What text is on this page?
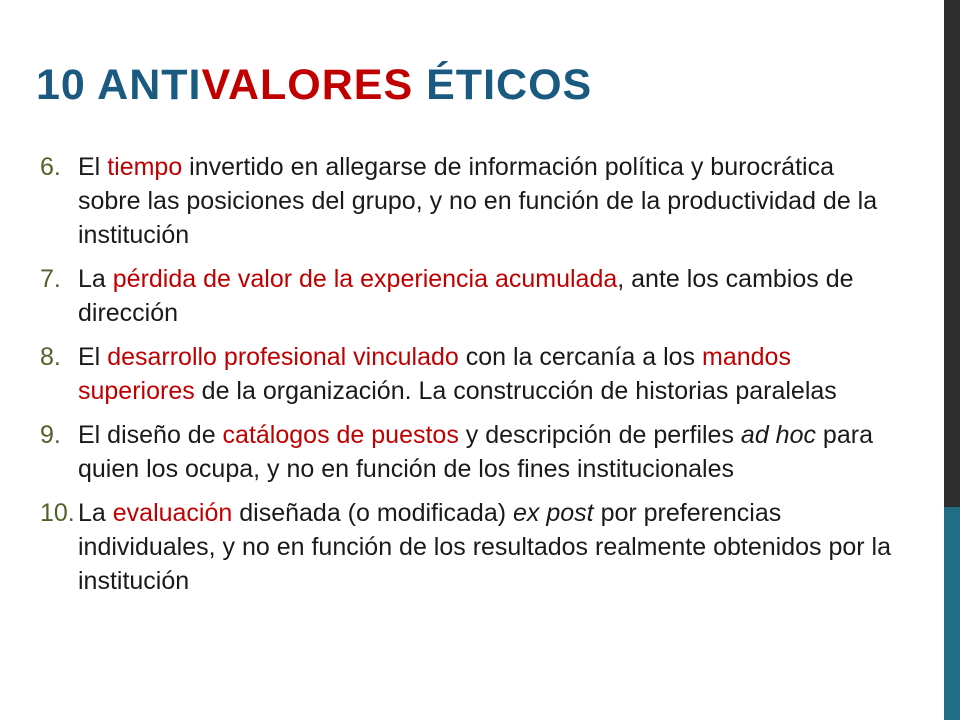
10 ANTIVALORES ÉTICOS
6. El tiempo invertido en allegarse de información política y burocrática sobre las posiciones del grupo, y no en función de la productividad de la institución
7. La pérdida de valor de la experiencia acumulada, ante los cambios de dirección
8. El desarrollo profesional vinculado con la cercanía a los mandos superiores de la organización. La construcción de historias paralelas
9. El diseño de catálogos de puestos y descripción de perfiles ad hoc para quien los ocupa, y no en función de los fines institucionales
10. La evaluación diseñada (o modificada) ex post por preferencias individuales, y no en función de los resultados realmente obtenidos por la institución
